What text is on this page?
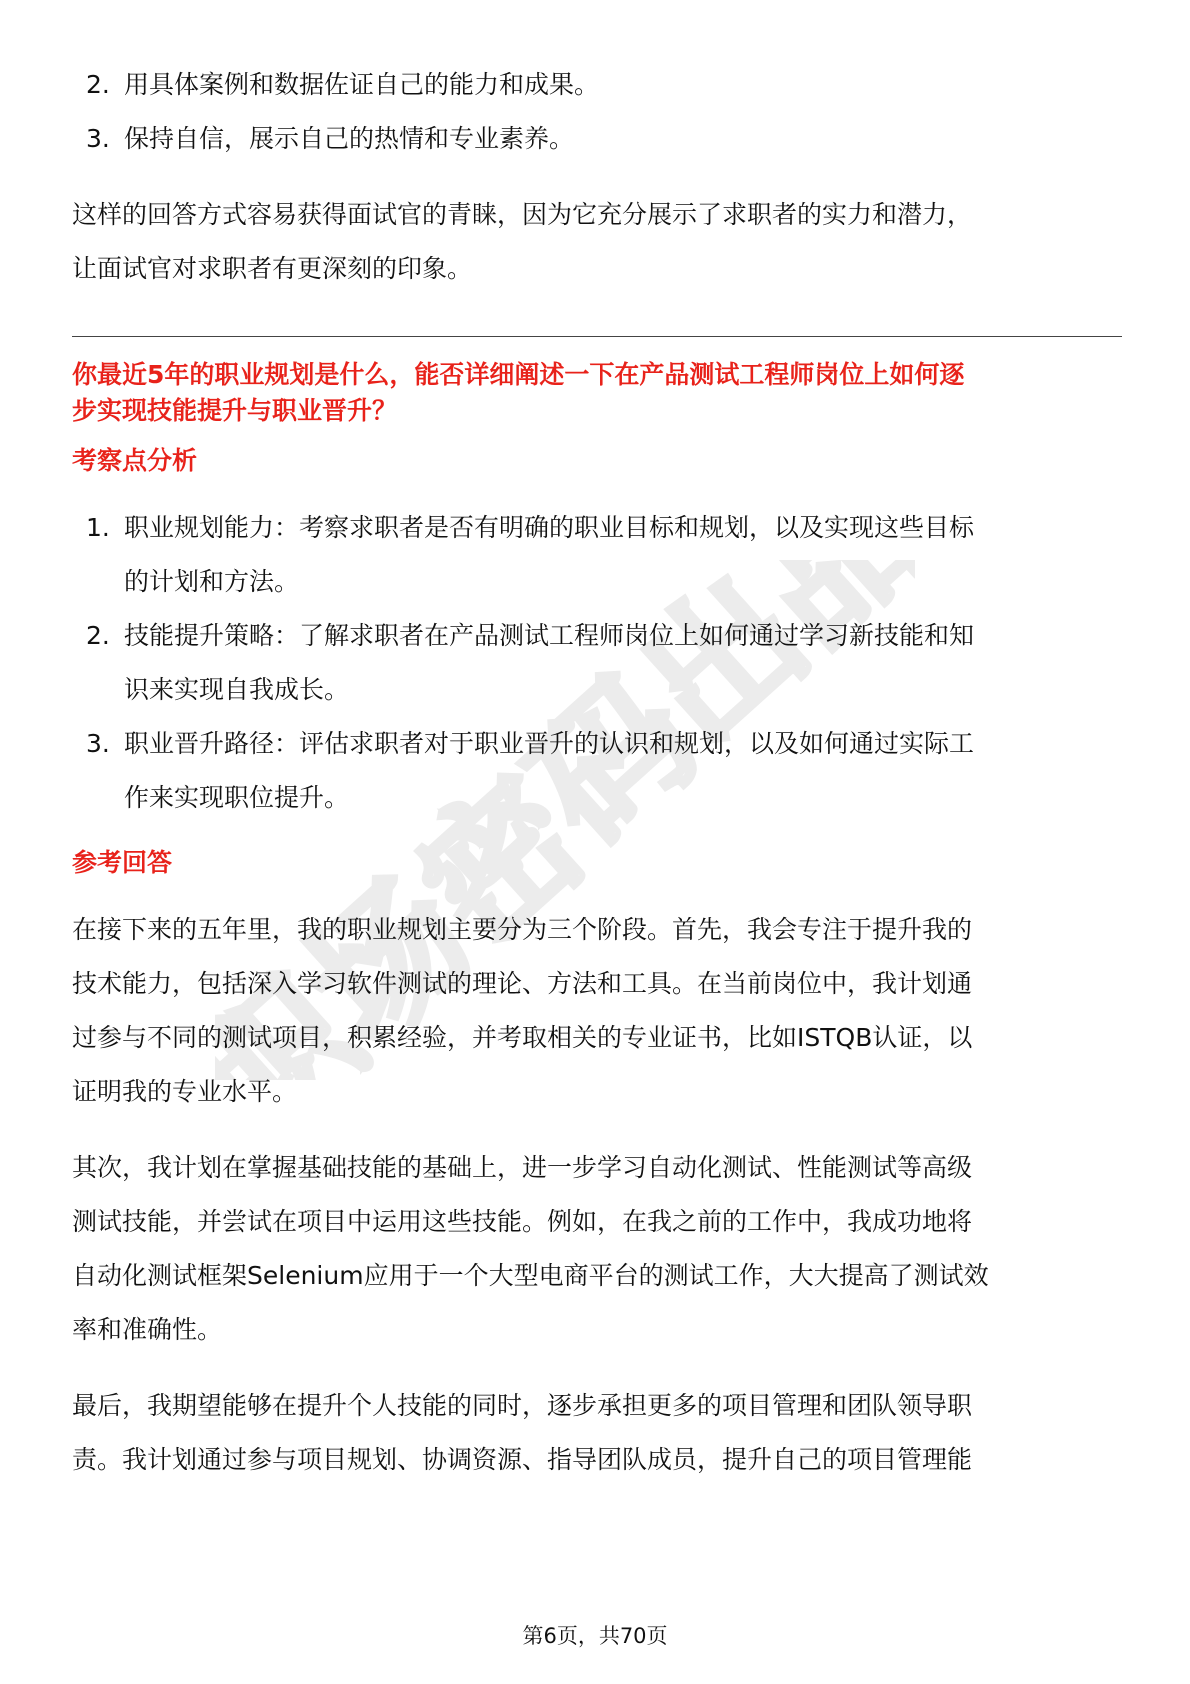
职场密码出品
2. 用具体案例和数据佐证自己的能力和成果。
3. 保持自信，展示自己的热情和专业素养。

这样的回答方式容易获得面试官的青睐，因为它充分展示了求职者的实力和潜力，
让面试官对求职者有更深刻的印象。

你最近5年的职业规划是什么，能否详细阐述一下在产品测试工程师岗位上如何逐
步实现技能提升与职业晋升？

考察点分析

1. 职业规划能力：考察求职者是否有明确的职业目标和规划，以及实现这些目标
的计划和方法。
2. 技能提升策略：了解求职者在产品测试工程师岗位上如何通过学习新技能和知
识来实现自我成长。
3. 职业晋升路径：评估求职者对于职业晋升的认识和规划，以及如何通过实际工
作来实现职位提升。

参考回答

在接下来的五年里，我的职业规划主要分为三个阶段。首先，我会专注于提升我的
技术能力，包括深入学习软件测试的理论、方法和工具。在当前岗位中，我计划通
过参与不同的测试项目，积累经验，并考取相关的专业证书，比如ISTQB认证，以
证明我的专业水平。

其次，我计划在掌握基础技能的基础上，进一步学习自动化测试、性能测试等高级
测试技能，并尝试在项目中运用这些技能。例如，在我之前的工作中，我成功地将
自动化测试框架Selenium应用于一个大型电商平台的测试工作，大大提高了测试效
率和准确性。

最后，我期望能够在提升个人技能的同时，逐步承担更多的项目管理和团队领导职
责。我计划通过参与项目规划、协调资源、指导团队成员，提升自己的项目管理能

第6页，共70页
